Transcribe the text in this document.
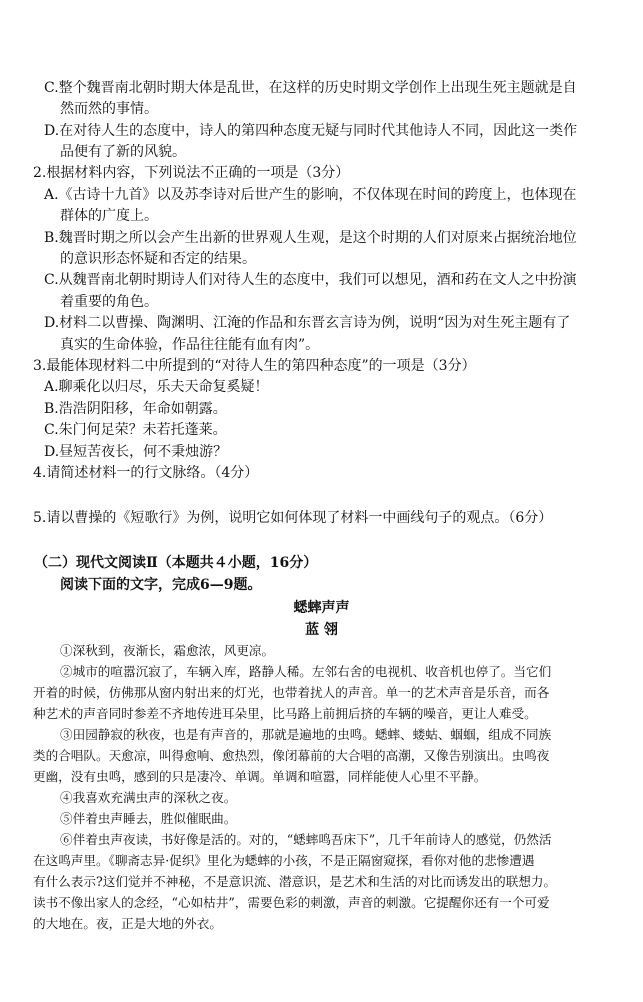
C.整个魏晋南北朝时期大体是乱世，在这样的历史时期文学创作上出现生死主题就是自
然而然的事情。
D.在对待人生的态度中，诗人的第四种态度无疑与同时代其他诗人不同，因此这一类作
品便有了新的风貌。
2.根据材料内容，下列说法不正确的一项是（3分）
A.《古诗十九首》以及苏李诗对后世产生的影响，不仅体现在时间的跨度上，也体现在
群体的广度上。
B.魏晋时期之所以会产生出新的世界观人生观，是这个时期的人们对原来占据统治地位
的意识形态怀疑和否定的结果。
C.从魏晋南北朝时期诗人们对待人生的态度中，我们可以想见，酒和药在文人之中扮演
着重要的角色。
D.材料二以曹操、陶渊明、江淹的作品和东晋玄言诗为例，说明“因为对生死主题有了
真实的生命体验，作品往往能有血有肉”。
3.最能体现材料二中所提到的“对待人生的第四种态度”的一项是（3分）
A.聊乘化以归尽，乐夫天命复奚疑！
B.浩浩阴阳移，年命如朝露。
C.朱门何足荣？未若托蓬莱。
D.昼短苦夜长，何不秉烛游？
4.请简述材料一的行文脉络。（4分）
5.请以曹操的《短歌行》为例，说明它如何体现了材料一中画线句子的观点。（6分）
（二）现代文阅读Ⅱ（本题共４小题，16分）
阅读下面的文字，完成6—9题。
蟋蟀声声
蓝 翎
①深秋到，夜渐长，霜愈浓，风更凉。
②城市的喧嚣沉寂了，车辆入库，路静人稀。左邻右舍的电视机、收音机也停了。当它们
开着的时候，仿佛那从窗内射出来的灯光，也带着扰人的声音。单一的艺术声音是乐音，而各
种艺术的声音同时参差不齐地传进耳朵里，比马路上前拥后挤的车辆的噪音，更让人难受。
③田园静寂的秋夜，也是有声音的，那就是遍地的虫鸣。蟋蟀、蝼蛄、蝈蝈，组成不同族
类的合唱队。天愈凉，叫得愈响、愈热烈，像闭幕前的大合唱的高潮，又像告别演出。虫鸣夜
更幽，没有虫鸣，感到的只是凄冷、单调。单调和喧嚣，同样能使人心里不平静。
④我喜欢充满虫声的深秋之夜。
⑤伴着虫声睡去，胜似催眠曲。
⑥伴着虫声夜读，书好像是活的。对的，“蟋蟀鸣吾床下”，几千年前诗人的感觉，仍然活
在这鸣声里。《聊斋志异·促织》里化为蟋蟀的小孩，不是正隔窗窥探，看你对他的悲惨遭遇
有什么表示?这们觉并不神秘，不是意识流、潜意识，是艺术和生活的对比而诱发出的联想力。
读书不像出家人的念经，“心如枯井”，需要色彩的刺激，声音的刺激。它提醒你还有一个可爱
的大地在。夜，正是大地的外衣。
